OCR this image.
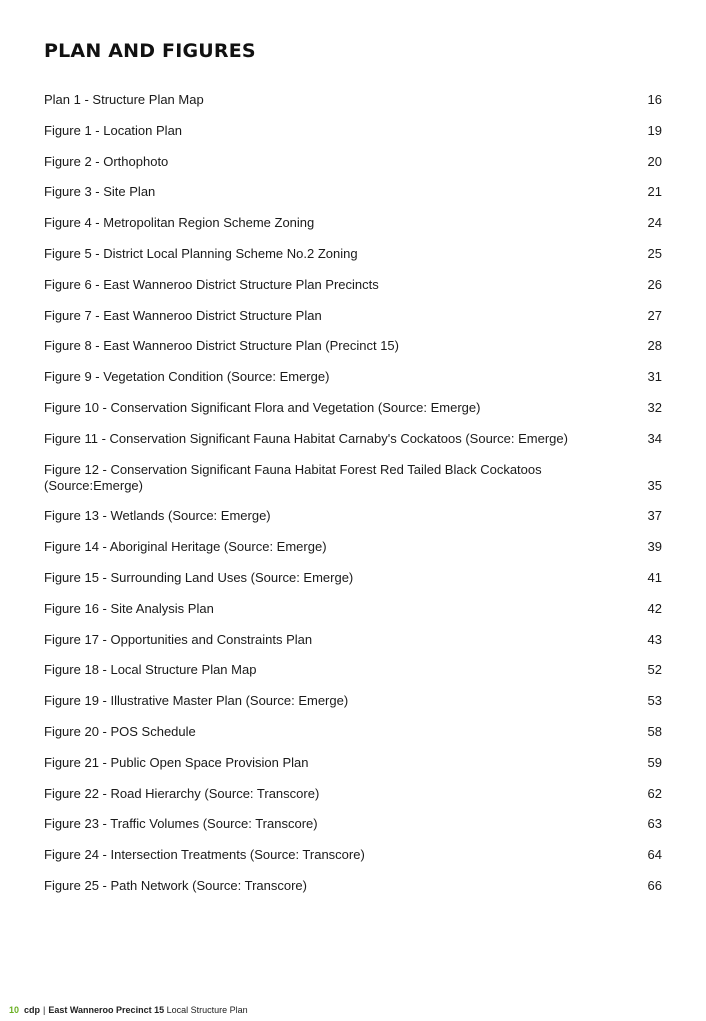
PLAN AND FIGURES
Plan 1 - Structure Plan Map	16
Figure 1 - Location Plan	19
Figure 2 - Orthophoto	20
Figure 3 - Site Plan	21
Figure 4 - Metropolitan Region Scheme Zoning	24
Figure 5 - District Local Planning Scheme No.2 Zoning	25
Figure 6 - East Wanneroo District Structure Plan Precincts	26
Figure 7 - East Wanneroo District Structure Plan	27
Figure 8 - East Wanneroo District Structure Plan (Precinct 15)	28
Figure 9 - Vegetation Condition (Source: Emerge)	31
Figure 10 - Conservation Significant Flora and Vegetation (Source: Emerge)	32
Figure 11 - Conservation Significant Fauna Habitat Carnaby's Cockatoos (Source: Emerge)	34
Figure 12 - Conservation Significant Fauna Habitat Forest Red Tailed Black Cockatoos (Source:Emerge)	35
Figure 13 - Wetlands (Source: Emerge)	37
Figure 14 - Aboriginal Heritage (Source: Emerge)	39
Figure 15 - Surrounding Land Uses (Source: Emerge)	41
Figure 16 - Site Analysis Plan	42
Figure 17 - Opportunities and Constraints Plan	43
Figure 18 - Local Structure Plan Map	52
Figure 19 - Illustrative Master Plan (Source: Emerge)	53
Figure 20 - POS Schedule	58
Figure 21 - Public Open Space Provision Plan	59
Figure 22 - Road Hierarchy (Source: Transcore)	62
Figure 23 - Traffic Volumes (Source: Transcore)	63
Figure 24 - Intersection Treatments (Source: Transcore)	64
Figure 25 - Path Network (Source: Transcore)	66
10 cdp | East Wanneroo Precinct 15 Local Structure Plan
